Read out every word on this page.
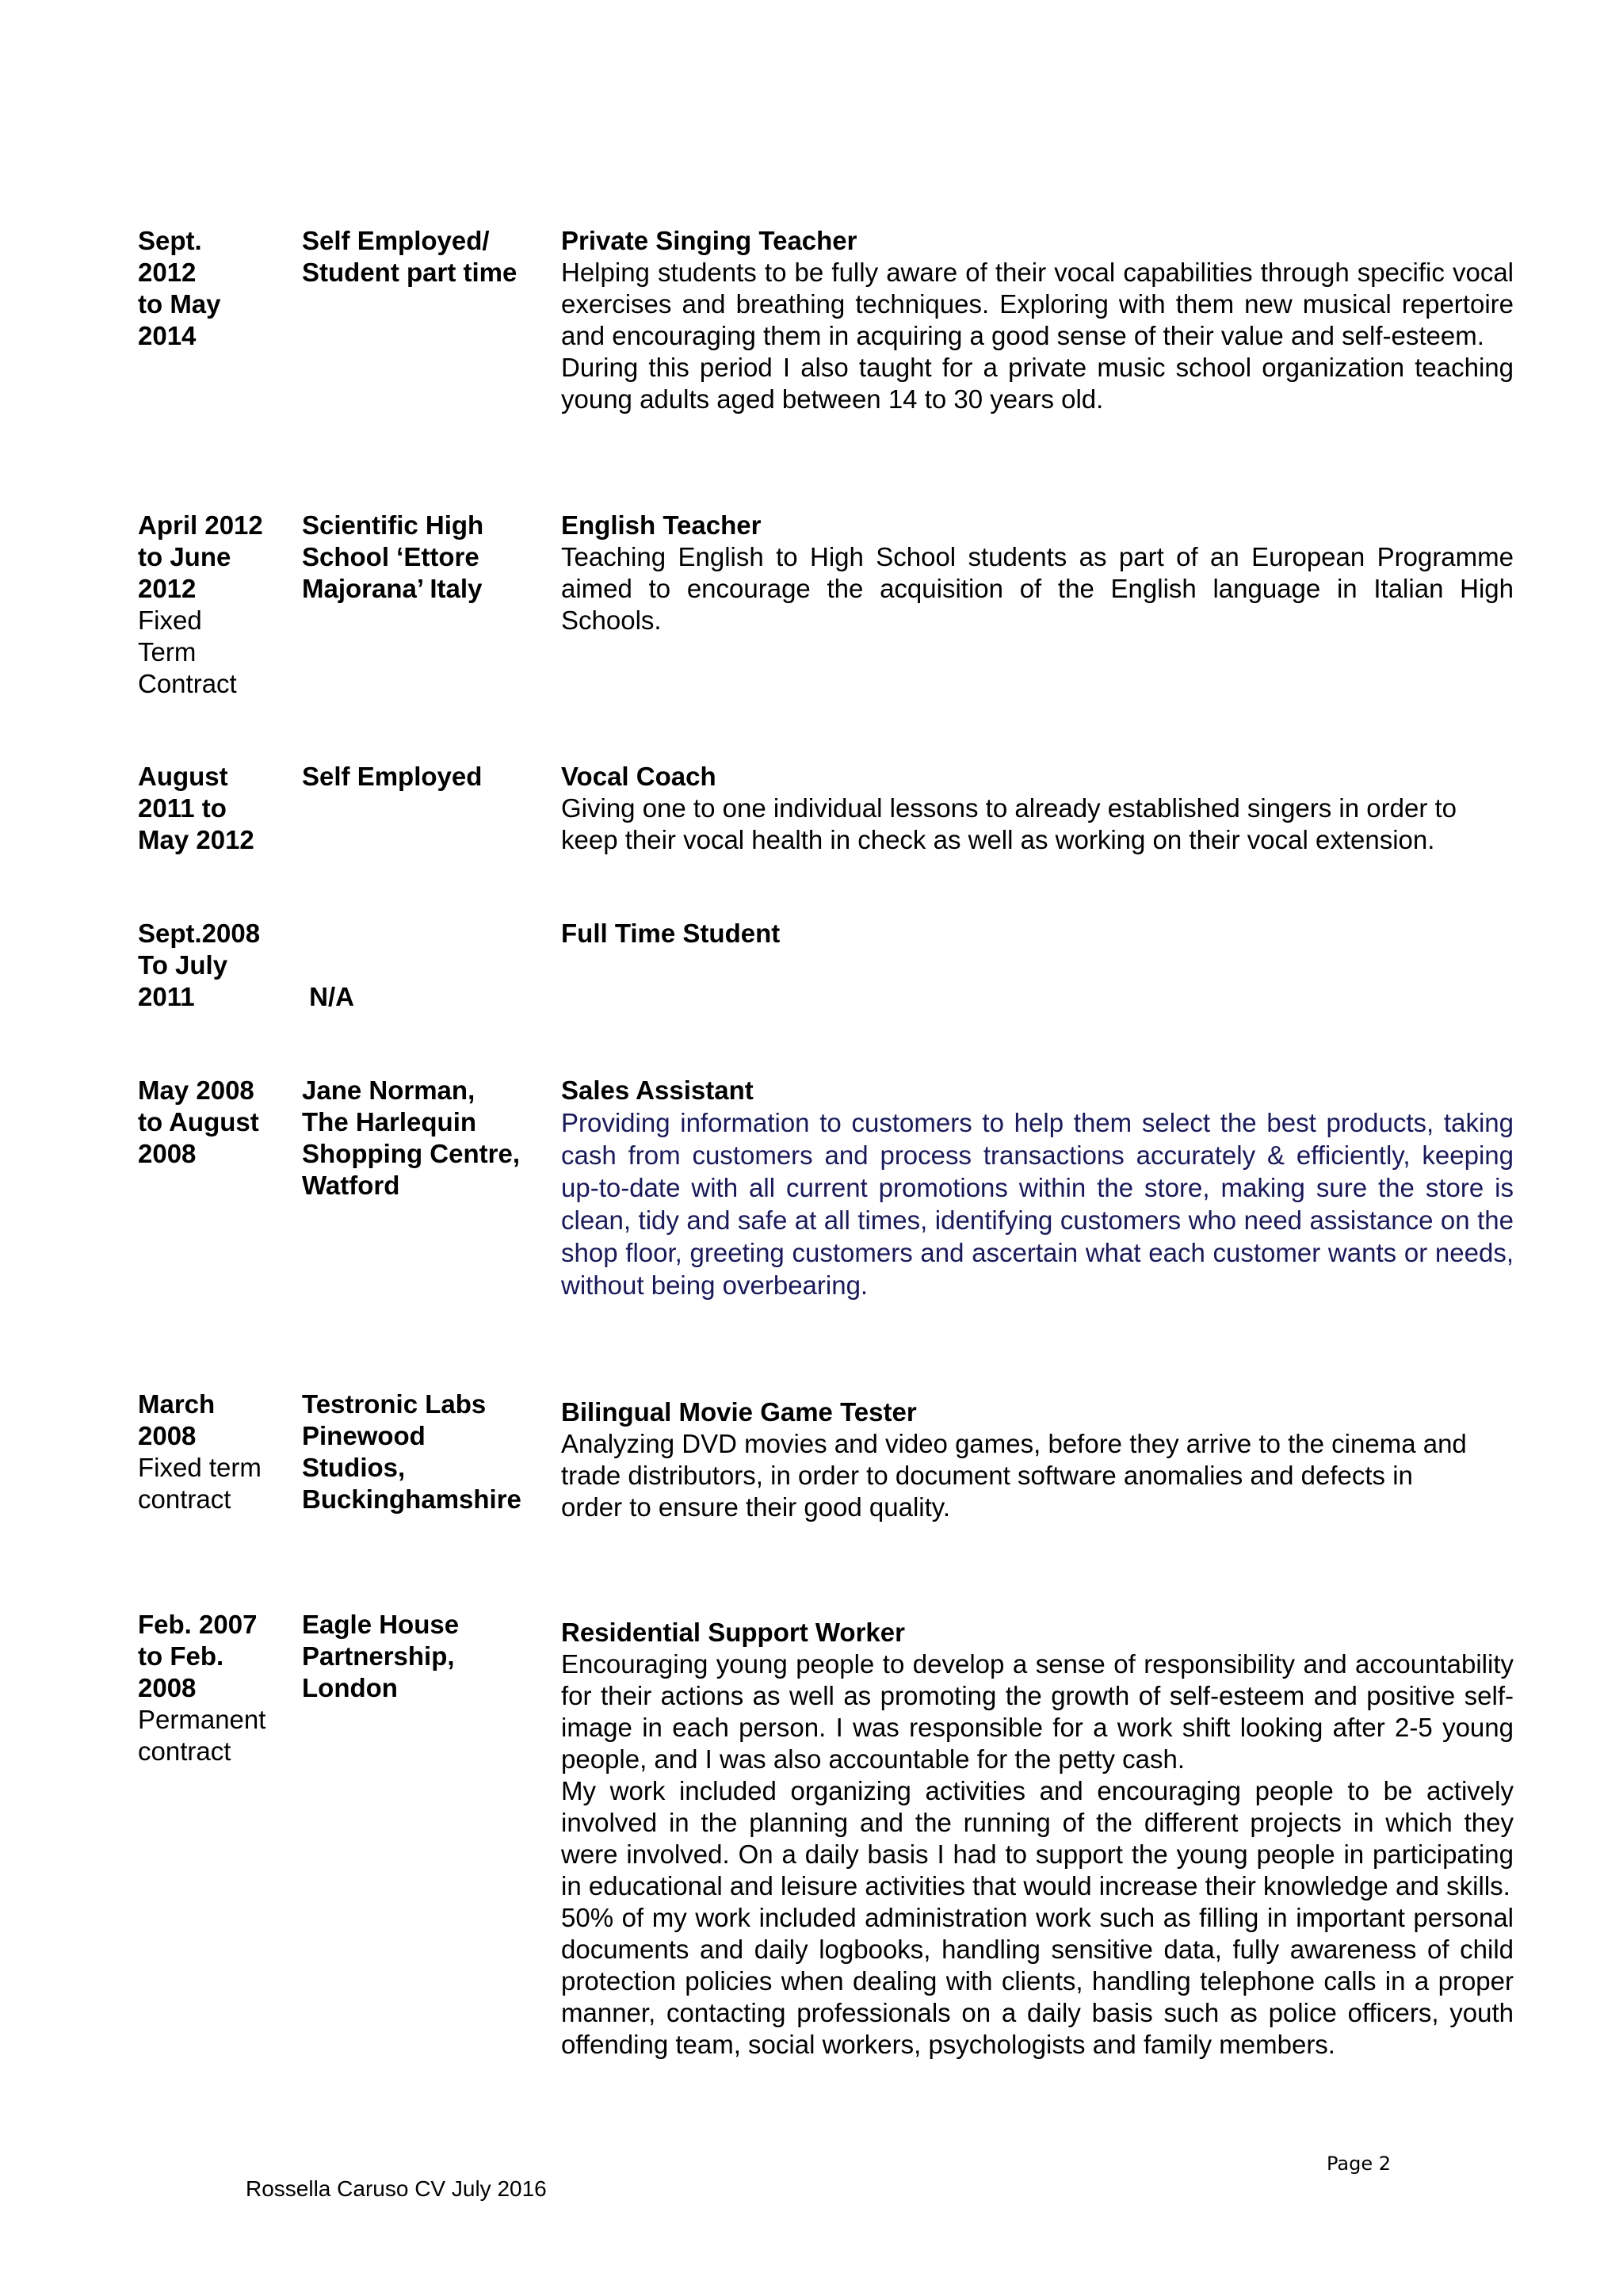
Sept.
2012
to May
2014
Self Employed/
Student part time
Private Singing Teacher
Helping students to be fully aware of their vocal capabilities through specific vocal exercises and breathing techniques. Exploring with them new musical repertoire and encouraging them in acquiring a good sense of their value and self-esteem.
During this period I also taught for a private music school organization teaching young adults aged between 14 to 30 years old.
April 2012
to June
2012
Fixed
Term
Contract
Scientific High
School ‘Ettore
Majorana’ Italy
English Teacher
Teaching English to High School students as part of an European Programme aimed to encourage the acquisition of the English language in Italian High Schools.
August
2011 to
May 2012
Self Employed	Vocal Coach
Giving one to one individual lessons to already established singers in order to keep their vocal health in check as well as working on their vocal extension.
Sept.2008
To July
2011

	N/A

Full Time Student
May 2008
to August
2008
Jane Norman,
The Harlequin
Shopping Centre,
Watford
Sales Assistant
Providing information to customers to help them select the best products, taking cash from customers and process transactions accurately & efficiently, keeping up-to-date with all current promotions within the store, making sure the store is clean, tidy and safe at all times, identifying customers who need assistance on the shop floor, greeting customers and ascertain what each customer wants or needs, without being overbearing.
March
2008
Fixed term
contract
Testronic Labs
Pinewood
Studios,
Buckinghamshire
Bilingual Movie Game Tester
Analyzing DVD movies and video games, before they arrive to the cinema and
trade distributors, in order to document software anomalies and defects in
order to ensure their good quality.
Feb. 2007
to Feb.
2008
Permanent
contract
Eagle House
Partnership,
London
Residential Support Worker
Encouraging young people to develop a sense of responsibility and accountability for their actions as well as promoting the growth of self-esteem and positive self-image in each person. I was responsible for a work shift looking after 2-5 young people, and I was also accountable for the petty cash.
My work included organizing activities and encouraging people to be actively involved in the planning and the running of the different projects in which they were involved. On a daily basis I had to support the young people in participating in educational and leisure activities that would increase their knowledge and skills.
50% of my work included administration work such as filling in important personal documents and daily logbooks, handling sensitive data, fully awareness of child protection policies when dealing with clients, handling telephone calls in a proper manner, contacting professionals on a daily basis such as police officers, youth offending team, social workers, psychologists and family members.
Page 2
Rossella Caruso CV July 2016
